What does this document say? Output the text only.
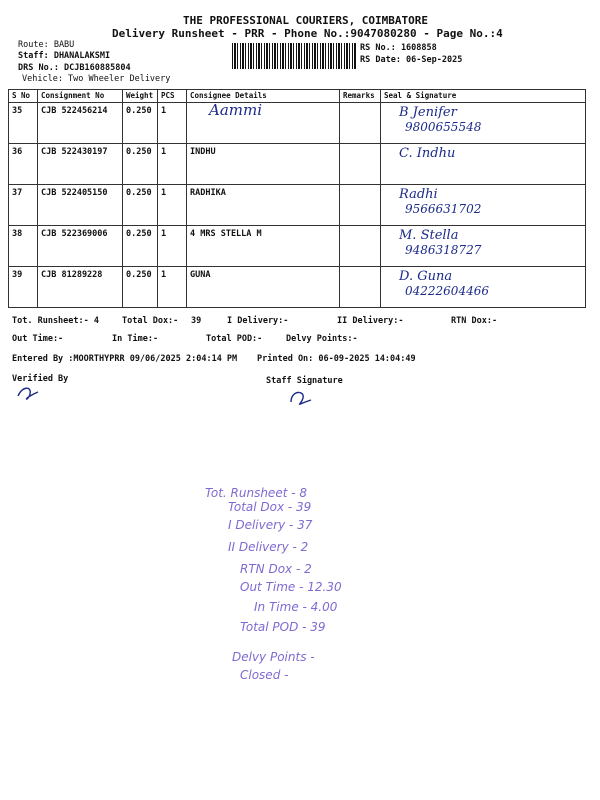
THE PROFESSIONAL COURIERS, COIMBATORE
Delivery Runsheet - PRR - Phone No.:9047080280 - Page No.:4
Route: BABU
Staff: DHANALAKSMI
DRS No.: DCJB160885804
Vehicle: Two Wheeler Delivery
RS No.: 1608858
RS Date: 06-Sep-2025
S No	Consignment No	Weight	PCS	Consignee Details	Remarks	Seal & Signature

35	CJB 522456214	0.250	1	Aammi		B Jenifer
9800655548

36	CJB 522430197	0.250	1	INDHU		C. Indhu

37	CJB 522405150	0.250	1	RADHIKA		Radhi
9566631702

38	CJB 522369006	0.250	1	4 MRS STELLA M		M. Stella
9486318727

39	CJB 81289228	0.250	1	GUNA		D. Guna
04222604466
Tot. Runsheet:- 4	Total Dox:- 39	I Delivery:-	II Delivery:-	RTN Dox:-
Out Time:-	In Time:-	Total POD:-	Delvy Points:-
Entered By :MOORTHYPRR 09/06/2025 2:04:14 PM Printed On: 06-09-2025 14:04:49
Verified By	Staff Signature
Tot. Runsheet - 8
Total Dox - 39
I Delivery - 37
II Delivery - 2
RTN Dox - 2
Out Time - 12.30
In Time - 4.00
Total POD - 39
Delvy Points -
Closed -
